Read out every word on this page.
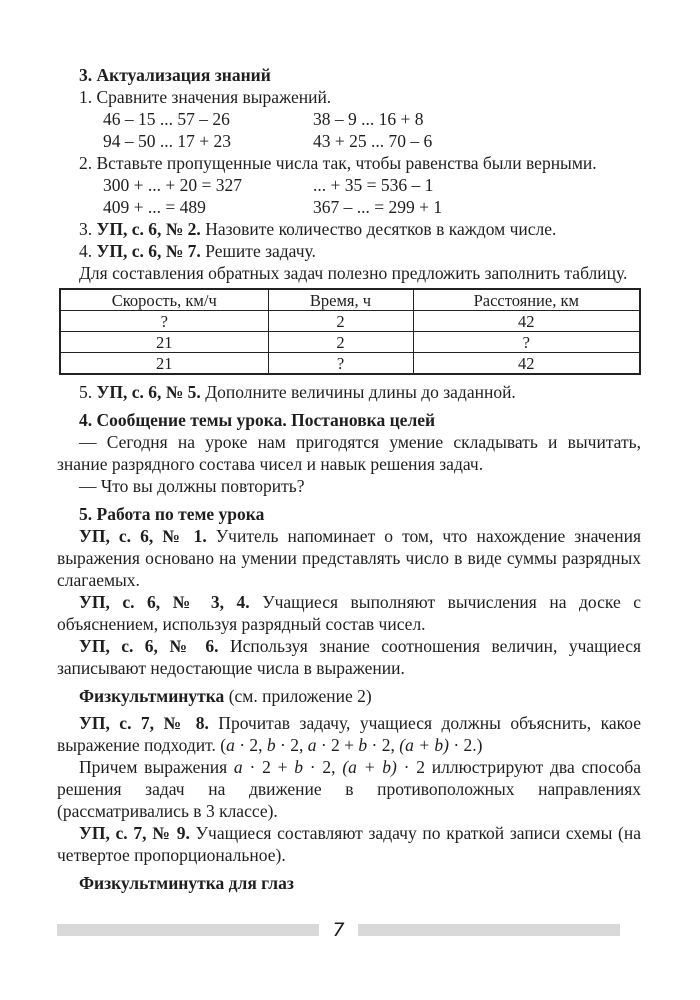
3. Актуализация знаний

1. Сравните значения выражений.

46 – 15 ... 57 – 26	38 – 9 ... 16 + 8
94 – 50 ... 17 + 23	43 + 25 ... 70 – 6

2. Вставьте пропущенные числа так, чтобы равенства были верными.

300 + ... + 20 = 327	... + 35 = 536 – 1
409 + ... = 489	367 – ... = 299 + 1

3. УП, с. 6, № 2. Назовите количество десятков в каждом числе.

4. УП, с. 6, № 7. Решите задачу.

Для составления обратных задач полезно предложить заполнить таблицу.

Скорость, км/ч	Время, ч	Расстояние, км
?	2	42
21	2	?
21	?	42

5. УП, с. 6, № 5. Дополните величины длины до заданной.

4. Сообщение темы урока. Постановка целей

— Сегодня на уроке нам пригодятся умение складывать и вычитать, знание разрядного состава чисел и навык решения задач.

— Что вы должны повторить?

5. Работа по теме урока

УП, с. 6, № 1. Учитель напоминает о том, что нахождение значения выражения основано на умении представлять число в виде суммы разрядных слагаемых.

УП, с. 6, № 3, 4. Учащиеся выполняют вычисления на доске с объяснением, используя разрядный состав чисел.

УП, с. 6, № 6. Используя знание соотношения величин, учащиеся записывают недостающие числа в выражении.

Физкультминутка (см. приложение 2)

УП, с. 7, № 8. Прочитав задачу, учащиеся должны объяснить, какое выражение подходит. (a · 2, b · 2, a · 2 + b · 2, (a + b) · 2.)

Причем выражения a · 2 + b · 2, (a + b) · 2 иллюстрируют два способа решения задач на движение в противоположных направлениях (рассматривались в 3 классе).

УП, с. 7, № 9. Учащиеся составляют задачу по краткой записи схемы (на четвертое пропорциональное).

Физкультминутка для глаз

7
